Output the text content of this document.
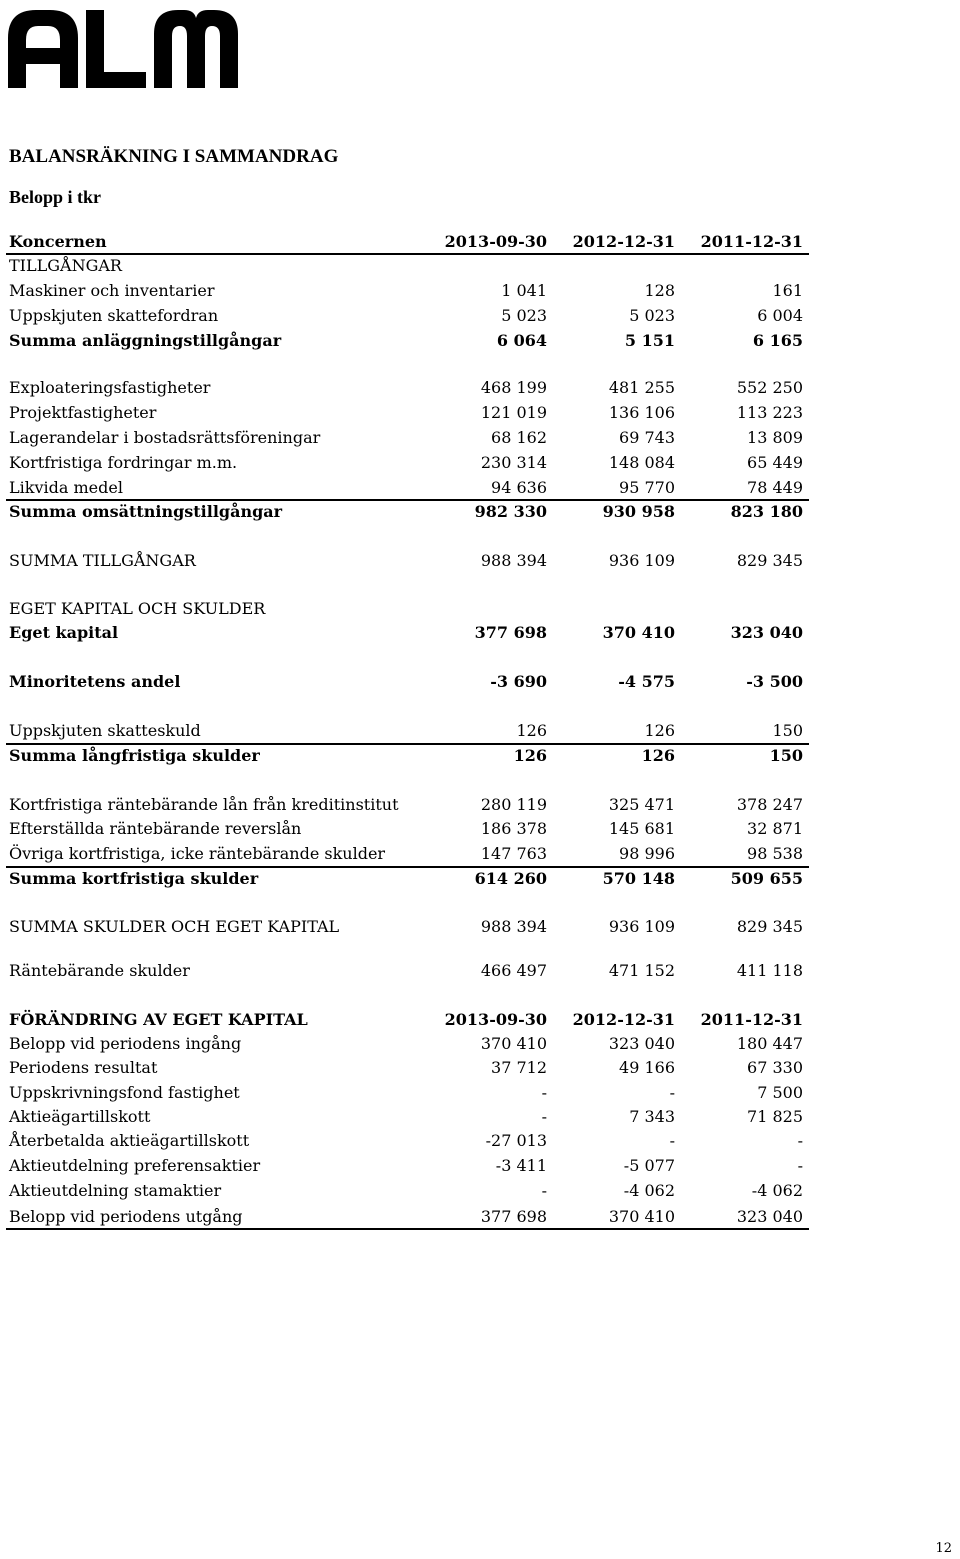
BALANSRÄKNING I SAMMANDRAG
Belopp i tkr
Koncernen	2013-09-30 2012-12-31 2011-12-31
TILLGÅNGAR
Maskiner och inventarier	1 041	128	161
Uppskjuten skattefordran	5 023	5 023	6 004
Summa anläggningstillgångar	6 064	5 151	6 165
Exploateringsfastigheter	468 199	481 255	552 250
Projektfastigheter	121 019	136 106	113 223
Lagerandelar i bostadsrättsföreningar	68 162	69 743	13 809
Kortfristiga fordringar m.m.	230 314	148 084	65 449
Likvida medel	94 636	95 770	78 449
Summa omsättningstillgångar	982 330	930 958	823 180
SUMMA TILLGÅNGAR	988 394	936 109	829 345
EGET KAPITAL OCH SKULDER
Eget kapital	377 698	370 410	323 040
Minoritetens andel	-3 690	-4 575	-3 500
Uppskjuten skatteskuld	126	126	150
Summa långfristiga skulder	126	126	150
Kortfristiga räntebärande lån från kreditinstitut	280 119	325 471	378 247
Efterställda räntebärande reverslån	186 378	145 681	32 871
Övriga kortfristiga, icke räntebärande skulder	147 763	98 996	98 538
Summa kortfristiga skulder	614 260	570 148	509 655
SUMMA SKULDER OCH EGET KAPITAL	988 394	936 109	829 345
Räntebärande skulder	466 497	471 152	411 118
FÖRÄNDRING AV EGET KAPITAL	2013-09-30 2012-12-31 2011-12-31
Belopp vid periodens ingång	370 410	323 040	180 447
Periodens resultat	37 712	49 166	67 330
Uppskrivningsfond fastighet	-	-	7 500
Aktieägartillskott	-	7 343	71 825
Återbetalda aktieägartillskott	-27 013	-	-
Aktieutdelning preferensaktier	-3 411	-5 077	-
Aktieutdelning stamaktier	-	-4 062	-4 062
Belopp vid periodens utgång	377 698	370 410	323 040
12
